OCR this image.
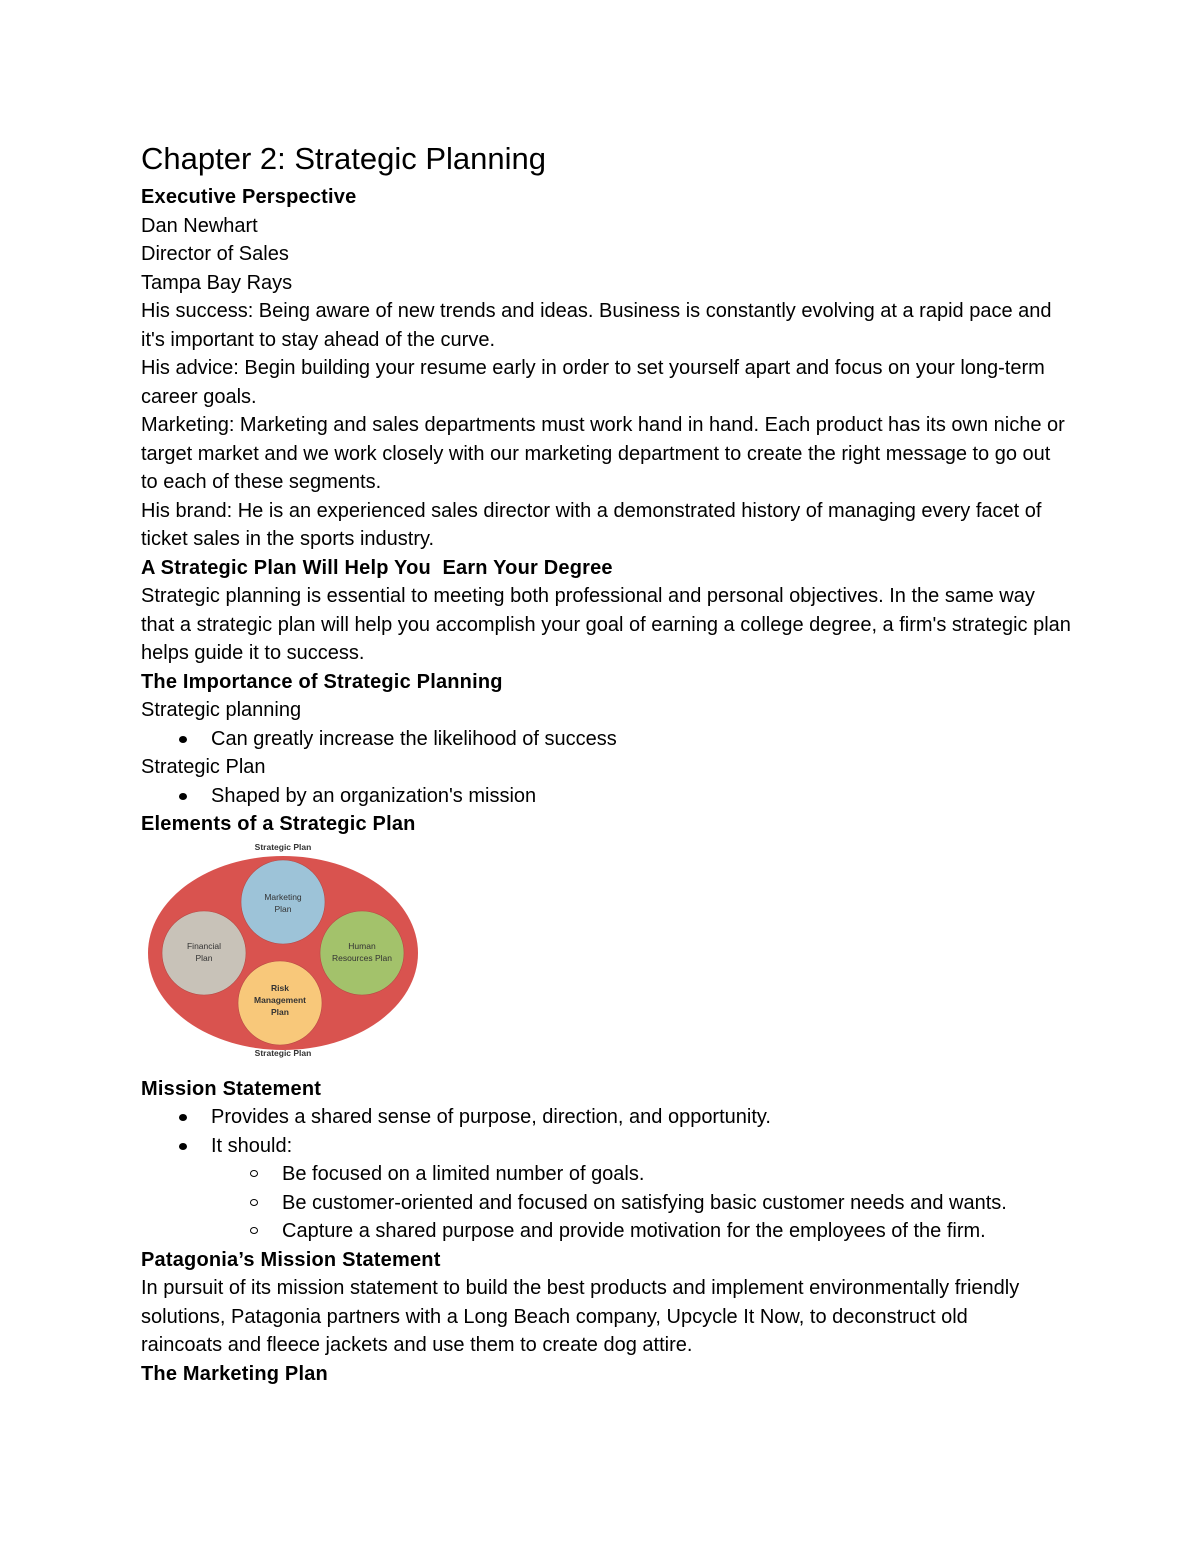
Chapter 2: Strategic Planning
Executive Perspective
Dan Newhart
Director of Sales
Tampa Bay Rays

His success: Being aware of new trends and ideas. Business is constantly evolving at a rapid pace and it's important to stay ahead of the curve.

His advice: Begin building your resume early in order to set yourself apart and focus on your long-term career goals.

Marketing: Marketing and sales departments must work hand in hand. Each product has its own niche or target market and we work closely with our marketing department to create the right message to go out to each of these segments.

His brand: He is an experienced sales director with a demonstrated history of managing every facet of ticket sales in the sports industry.

A Strategic Plan Will Help You  Earn Your Degree

Strategic planning is essential to meeting both professional and personal objectives. In the same way that a strategic plan will help you accomplish your goal of earning a college degree, a firm's strategic plan helps guide it to success.

The Importance of Strategic Planning
Strategic planning
Can greatly increase the likelihood of success
Strategic Plan
Shaped by an organization's mission
Elements of a Strategic Plan
Strategic Plan
Marketing
Plan
Financial
Plan
Human
Resources Plan
Risk
Management
Plan
Strategic Plan
Mission Statement
Provides a shared sense of purpose, direction, and opportunity.
It should:
Be focused on a limited number of goals.
Be customer-oriented and focused on satisfying basic customer needs and wants.
Capture a shared purpose and provide motivation for the employees of the firm.
Patagonia’s Mission Statement

In pursuit of its mission statement to build the best products and implement environmentally friendly solutions, Patagonia partners with a Long Beach company, Upcycle It Now, to deconstruct old raincoats and fleece jackets and use them to create dog attire.

The Marketing Plan
